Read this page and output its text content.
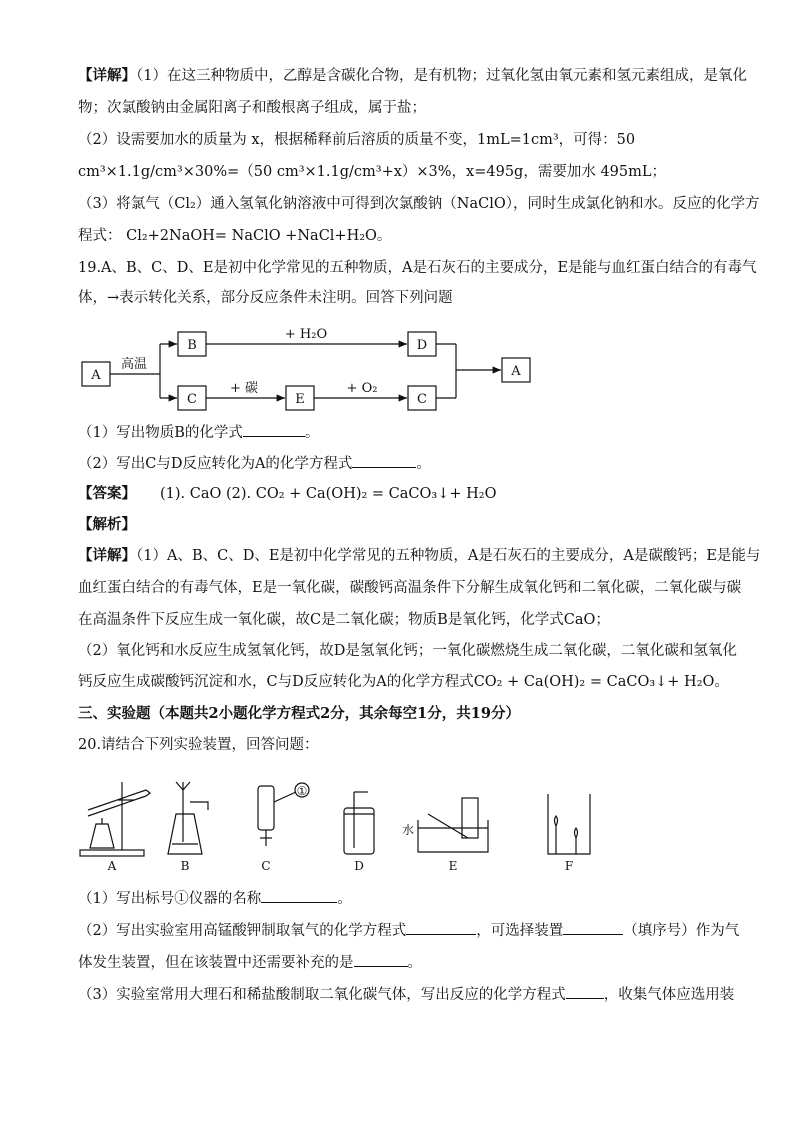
【详解】（1）在这三种物质中，乙醇是含碳化合物，是有机物；过氧化氢由氧元素和氢元素组成，是氧化
物；次氯酸钠由金属阳离子和酸根离子组成，属于盐；
（2）设需要加水的质量为 x，根据稀释前后溶质的质量不变，1mL=1cm³，可得：50
cm³×1.1g/cm³×30%=（50 cm³×1.1g/cm³+x）×3%，x=495g，需要加水 495mL；
（3）将氯气（Cl₂）通入氢氧化钠溶液中可得到次氯酸钠（NaClO），同时生成氯化钠和水。反应的化学方
程式： Cl₂+2NaOH= NaClO +NaCl+H₂O。
19.A、B、C、D、E是初中化学常见的五种物质，A是石灰石的主要成分，E是能与血红蛋白结合的有毒气
体，→表示转化关系，部分反应条件未注明。回答下列问题
A
B
C
D
E	C
A
高温
+ H₂O
+ 碳	+ O₂
（1）写出物质B的化学式	。
（2）写出C与D反应转化为A的化学方程式	。
【答案】 (1). CaO (2). CO₂ + Ca(OH)₂ = CaCO₃↓+ H₂O
【解析】
【详解】（1）A、B、C、D、E是初中化学常见的五种物质，A是石灰石的主要成分，A是碳酸钙；E是能与
血红蛋白结合的有毒气体，E是一氧化碳，碳酸钙高温条件下分解生成氧化钙和二氧化碳，二氧化碳与碳
在高温条件下反应生成一氧化碳，故C是二氧化碳；物质B是氧化钙，化学式CaO；
（2）氧化钙和水反应生成氢氧化钙，故D是氢氧化钙；一氧化碳燃烧生成二氧化碳，二氧化碳和氢氧化
钙反应生成碳酸钙沉淀和水，C与D反应转化为A的化学方程式CO₂ + Ca(OH)₂ = CaCO₃↓+ H₂O。
三、实验题（本题共2小题化学方程式2分，其余每空1分，共19分）
20.请结合下列实验装置，回答问题：
A	B	C	D	E	F
①
水
（1）写出标号①仪器的名称	。
（2）写出实验室用高锰酸钾制取氧气的化学方程式	，可选择装置	（填序号）作为气
体发生装置，但在该装置中还需要补充的是	。
（3）实验室常用大理石和稀盐酸制取二氧化碳气体，写出反应的化学方程式	，收集气体应选用装
